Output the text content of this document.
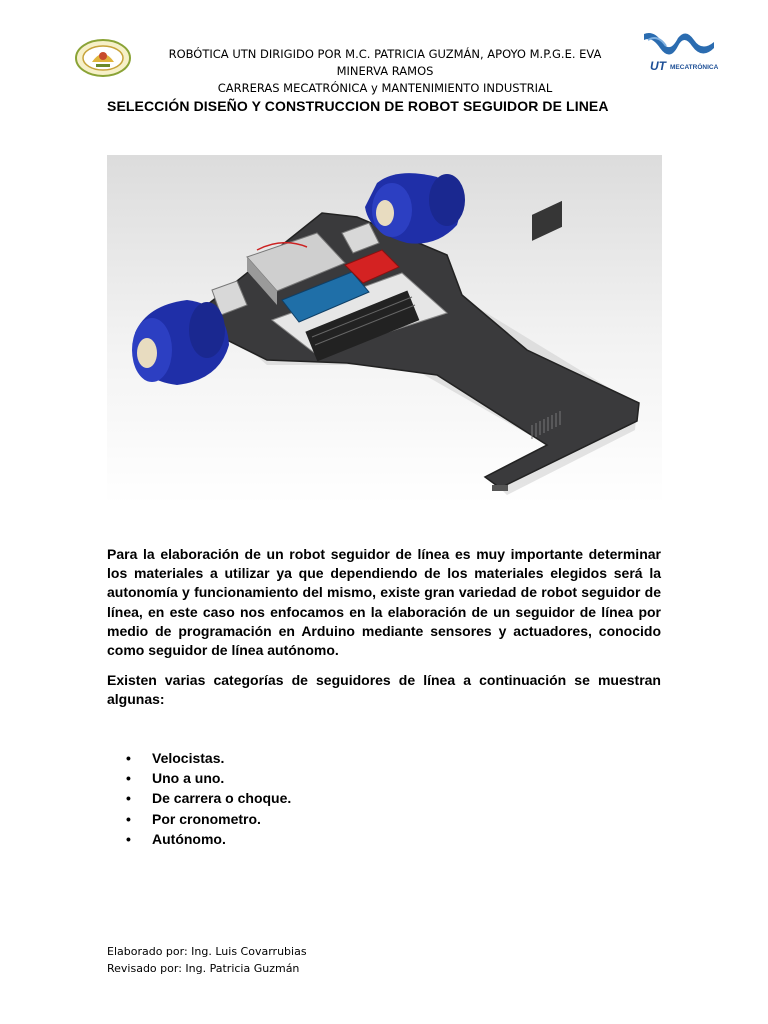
UT MECATRÓNICA
ROBÓTICA UTN DIRIGIDO POR M.C. PATRICIA GUZMÁN, APOYO M.P.G.E. EVA MINERVA RAMOS
CARRERAS MECATRÓNICA y MANTENIMIENTO INDUSTRIAL
SELECCIÓN DISEÑO Y CONSTRUCCION DE ROBOT SEGUIDOR DE LINEA
Para la elaboración de un robot seguidor de línea es muy importante determinar los materiales a utilizar ya que dependiendo de los materiales elegidos será la autonomía y funcionamiento del mismo, existe gran variedad de robot seguidor de línea, en este caso nos enfocamos en la elaboración de un seguidor de línea por medio de programación en Arduino mediante sensores y actuadores, conocido como seguidor de línea autónomo.
Existen varias categorías de seguidores de línea a continuación se muestran algunas:
• Velocistas.
• Uno a uno.
• De carrera o choque.
• Por cronometro.
• Autónomo.
Elaborado por: Ing. Luis Covarrubias
Revisado por: Ing. Patricia Guzmán
